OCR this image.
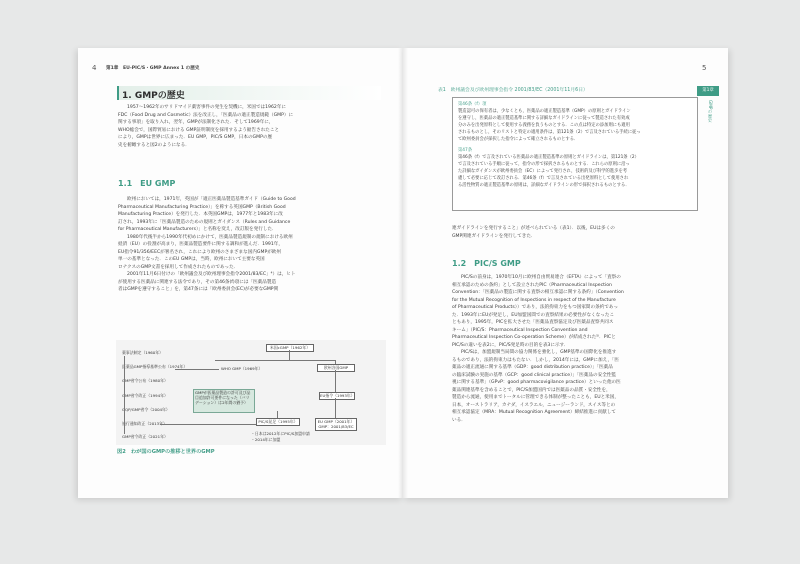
4 第1章　EU-PIC/S・GMP Annex 1 の歴史
1. GMPの歴史
1957～1962年のサリドマイド薬害事件の発生を契機に，米国では1962年に
FDC（Food Drug and Cosmetic）法を改正し，「医薬品の適正製造規範（GMP）に
関する事項」を取り入れ，翌年，GMPが法制化された．そして1969年に，
WHO総会で，国際貿易における GMP証明制度を採用するよう勧告されたこと
により，GMPは世界に広まった．EU GMP，PIC/S GMP，日本のGMPの歴
史を俯瞰すると図2のようになる．
1.1　EU GMP
欧州においては，1971年，英国が「適正医薬品製造基準ガイド（Guide to Good
Pharmaceutical Manufacturing Practice）」を称する英国GMP（British Good
Manufacturing Practice）を発行した．本英国GMPは，1977年と1983年に改
訂され，1993年に「医薬品製造のための規則とガイダンス（Rules and Guidance
for Pharmaceutical Manufacturers）」と名称を変え，改訂版を発行した．
1980年代後半から1990年代初めにかけて，医薬品製造規制の規制における欧州
経済（EU）の役割が高まり，医薬品製造要件に関する調和が進んだ．1991年，
EU指令91/356/EECが署名され，これにより欧州のさまざまな国内GMPが欧州
単一の基準となった．このEU GMPは，当時，欧州において主要な英国
ロナクスのGMP文書を採用して作成されたものであった．
2001年11月6日付けの「欧州議会及び欧州理事会指令2001/83/EC」⁴）は，ヒト
が使用する医薬品に関連する法令であり，その第46条(f)項には「医薬品製造
者はGMPを遵守すること」を，第47条には「欧州委員会(EC)が必要なGMP関
薬事法制定（1960年）
医薬品GMP指導基準公布（1974年）
GMP省令公布（1980年）
GMP省令改正（1994年）
GQP/GMP省令（2004年）
施行通知改正（2013年）
GMP省令改正（2021年）
GMPが医薬品製造の許可及び品目追加許可要件になった（バリデーション）は2年間の猶予）
米国cGMP（1962年）
WHO GMP（1969年）	欧州各国GMP
EU指令（1993年）
PIC/S発足（1995年）	EU GMP（2001年）
GMP：2001/83/EC
・日本は2012年にPIC/S加盟申請
・2014年に加盟
図2　わが国のGMPの推移と世界のGMP
5
第1章
GMPの歴史
表1　欧州議会及び欧州理事会指令 2001/83/EC（2001年11月6日）
第46条（f）項
製造認可の保有者は，少なくとも，医薬品の適正製造基準（GMP）の原則とガイドライン
を遵守し，医薬品の適正製造基準に関する詳細なガイドラインに従って製造された有効成
分のみを出発原料として使用する義務を負うものとする．この点は特定の添加剤にも適用
されるものとし，そのリストと特定の適用条件は，第121条（2）で言及されている手続に従っ
て欧州委員会が採択した指令によって確立されるものとする．
第47条
第46条（f）で言及されている医薬品の適正製造基準の原則とガイドラインは，第121条（2）
で言及されている手順に従って，指令の形で採択されるものとする．これらの原則に沿っ
た詳細なガイダンスが欧州委員会（EC）によって発行され，技術的及び科学的進歩を考
慮して必要に応じて改訂される．第46条（f）で言及されている出発原料として使用され
る活性物質の適正製造基準の原則は，詳細なガイドラインの形で採択されるものとする．
連ガイドラインを発行すること」が述べられている（表1）．以後，EUは多くの
GMP関連ガイドラインを発行してきた．
1.2　PIC/S GMP
PIC/Sの前身は，1970年10月に欧州自由貿易連合（EFTA）によって「査察の
相互承認のための条約」として設立されたPIC（Pharmaceutical Inspection
Convention：「医薬品の製造に関する査察の相互承認に関する条約」（Convention
for the Mutual Recognition of Inspections in respect of the Manufacture
of Pharmaceutical Products））であり，法的拘束力をもつ国家間の条約であっ
た．1993年にEUが発足し，EU加盟国間での査察結果の必要性がなくなったこ
ともあり，1995年，PICを拡大させた「医薬品査察協定及び医薬品査察共同ス
キーム」（PIC/S：Pharmaceutical Inspection Convention and
Pharmaceutical Inspection Co-operation Scheme）が結成された⁵⁾．PICと
PIC/Sの違いを表2に，PIC/S発足時の目的を表3に示す．
PIC/Sは，加盟規制当局間の協力関係を強化し，GMP基準の国際化を推進す
るものであり，法的拘束力はもたない．しかし，2014年には，GMPに加え，「医
薬品の適正流通に関する基準（GDP：good distribution practice）」「医薬品
の臨床試験の実施の基準（GCP：good clinical practice）」「医薬品の安全性監
視に関する基準」（GPvP：good pharmacovigilance practice）といった他の医
薬品関連基準を含めることで，PIC/S加盟国内では医薬品の品質・安全性を，
製造から流通，使用までトータルに管理できる体制が整ったことも，EUと米国，
日本，オーストラリア，カナダ，イスラエル，ニュージーランド，スイス等との
相互承認協定（MRA：Mutual Recognition Agreement）締結推進に貢献して
いる．
